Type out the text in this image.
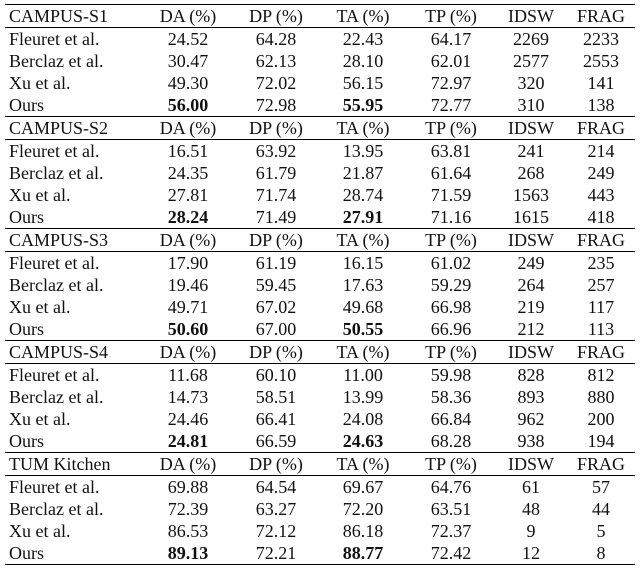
CAMPUS-S1	DA (%)	DP (%)	TA (%)	TP (%)	IDSW	FRAG
Fleuret et al.	24.52	64.28	22.43	64.17	2269	2233
Berclaz et al.	30.47	62.13	28.10	62.01	2577	2553
Xu et al.	49.30	72.02	56.15	72.97	320	141
Ours	56.00	72.98	55.95	72.77	310	138
CAMPUS-S2	DA (%)	DP (%)	TA (%)	TP (%)	IDSW	FRAG
Fleuret et al.	16.51	63.92	13.95	63.81	241	214
Berclaz et al.	24.35	61.79	21.87	61.64	268	249
Xu et al.	27.81	71.74	28.74	71.59	1563	443
Ours	28.24	71.49	27.91	71.16	1615	418
CAMPUS-S3	DA (%)	DP (%)	TA (%)	TP (%)	IDSW	FRAG
Fleuret et al.	17.90	61.19	16.15	61.02	249	235
Berclaz et al.	19.46	59.45	17.63	59.29	264	257
Xu et al.	49.71	67.02	49.68	66.98	219	117
Ours	50.60	67.00	50.55	66.96	212	113
CAMPUS-S4	DA (%)	DP (%)	TA (%)	TP (%)	IDSW	FRAG
Fleuret et al.	11.68	60.10	11.00	59.98	828	812
Berclaz et al.	14.73	58.51	13.99	58.36	893	880
Xu et al.	24.46	66.41	24.08	66.84	962	200
Ours	24.81	66.59	24.63	68.28	938	194
TUM Kitchen	DA (%)	DP (%)	TA (%)	TP (%)	IDSW	FRAG
Fleuret et al.	69.88	64.54	69.67	64.76	61	57
Berclaz et al.	72.39	63.27	72.20	63.51	48	44
Xu et al.	86.53	72.12	86.18	72.37	9	5
Ours	89.13	72.21	88.77	72.42	12	8
